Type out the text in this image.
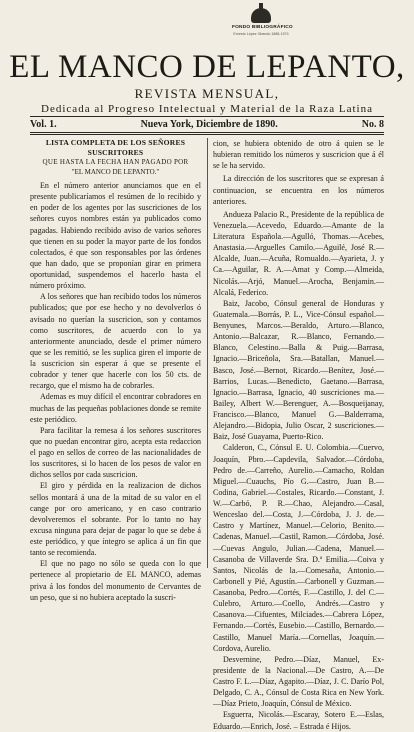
FONDO BIBLIOGRÁFICO
Ernesto López Obando 1886-1974
EL MANCO DE LEPANTO,
REVISTA MENSUAL,
Dedicada al Progreso Intelectual y Material de la Raza Latina
Vol. 1.	Nueva York, Diciembre de 1890.	No. 8
LISTA COMPLETA DE LOS SEÑORES SUSCRITORES
QUE HASTA LA FECHA HAN PAGADO POR
"EL MANCO DE LEPANTO."

En el número anterior anunciamos que en el presente publicaríamos el resúmen de lo recibido y en poder de los agentes por las suscriciones de los señores cuyos nombres están ya publicados como pagadas. Habiendo recibido aviso de varios señores que tienen en su poder la mayor parte de los fondos colectados, é que son responsables por las órdenes que han dado, que se proponían girar en primera oportunidad, suspendemos el hacerlo hasta el número próximo.

A los señores que han recibido todos los números publicados; que por ese hecho y no devolverlos ó avisado no querían la suscricion, son y contamos como suscritores, de acuerdo con lo ya anteriormente anunciado, desde el primer número que se les remitió, se les suplica giren el importe de la suscricion sin esperar á que se presente el cobrador y tener que hacerle con los 50 cts. de recargo, que el mismo ha de cobrarles.

Ademas es muy difícil el encontrar cobradores en muchas de las pequeñas poblaciones donde se remite este periódico.

Para facilitar la remesa á los señores suscritores que no puedan encontrar giro, acepta esta redaccion el pago en sellos de correo de las nacionalidades de los suscritores, si lo hacen de los pesos de valor en dichos sellos por cada suscricion.

El giro y pérdida en la realizacion de dichos sellos montará á una de la mitad de su valor en el cange por oro americano, y en caso contrario devolveremos el sobrante. Por lo tanto no hay excusa ninguna para dejar de pagar lo que se debe á este periódico, y que íntegro se aplica á un fin que tanto se recomienda.

El que no pago no sólo se queda con lo que pertenece al propietario de EL MANCO, ademas priva á los fondos del monumento de Cervantes de un peso, que si no hubiera aceptado la suscri-

cion, se hubiera obtenido de otro á quien se le hubieran remitido los números y suscricion que á él se le ha servido.

La dirección de los suscritores que se expresan á continuacion, se encuentra en los números anteriores.

Andueza Palacio R., Presidente de la república de Venezuela.—Acevedo, Eduardo.—Amante de la Literatura Española.—Agulló, Thomas.—Acebes, Anastasia.—Arguelles Camilo.—Aguilé, José R.—Alcalde, Juan.—Acuña, Romualdo.—Ayarieta, J. y Ca.—Aguilar, R. A.—Amat y Comp.—Almeida, Nicolás.—Arjó, Manuel.—Arocha, Benjamin.—Alcalá, Federico.

Baiz, Jacobo, Cónsul general de Honduras y Guatemala.—Borrás, P. L., Vice-Cónsul español.—Benyunes, Marcos.—Beraldo, Arturo.—Blanco, Antonio.—Balcazar, R.—Blanco, Fernando.—Blanco, Celestino.—Balla & Puig.—Barrasa, Ignacio.—Briceñola, Sra.—Batallan, Manuel.—Basco, José.—Bernot, Ricardo.—Benítez, José.—Barrios, Lucas.—Benedicto, Gaetano.—Barrasa, Ignacio.—Barrasa, Ignacio, 40 suscriciones ma.—Bailey, Albert W.—Berenguer, A.—Bosqueijanay, Francisco.—Blanco, Manuel G.—Balderrama, Alejandro.—Bidopia, Julio Oscar, 2 suscriciones.—Baiz, José Guayama, Puerto-Rico.

Calderon, C., Cónsul E. U. Colombia.—Cuervo, Joaquín, Pbro.—Capdevila, Salvador.—Córdoba, Pedro de.—Carreño, Aurelio.—Camacho, Roldan Miguel.—Cuauchs, Pío G.—Castro, Juan B.—Codina, Gabriel.—Costales, Ricardo.—Constant, J. W.—Carbó, P. R.—Chao, Alejandro.—Casal, Wenceslao del.—Costa, J.—Córdoba, J. J. de.—Castro y Martínez, Manuel.—Celorio, Benito.—Cadenas, Manuel.—Castil, Ramon.—Córdoba, José.—Cuevas Angulo, Julian.—Cadena, Manuel.—Casanoba de Villaverde Sra. D.ª Emilia.—Coiva y Santos, Nicolás de la.—Comesaña, Antonio.—Carbonell y Pié, Agustín.—Carbonell y Guzman.—Casanoba, Pedro.—Cortés, F.—Castillo, J. del C.—Culebro, Arturo.—Coello, Andrés.—Castro y Casanova.—Cifuentes, Milciades.—Cabrera López, Fernando.—Cortés, Eusebio.—Castillo, Bernardo.—Castillo, Manuel María.—Cornellas, Joaquín.—Cordova, Aurelio.

Desvernine, Pedro.—Díaz, Manuel, Ex-presidente de la Nacional.—De Castro, A.—De Castro F. L.—Díaz, Agapito.—Díaz, J. C. Darío Pol, Delgado, C. A., Cónsul de Costa Rica en New York.—Díaz Prieto, Joaquín, Cónsul de México.

Esguerra, Nicolás.—Escaray, Sotero E.—Eslas, Eduardo.—Enrich, José. – Estrada é Hijos.
